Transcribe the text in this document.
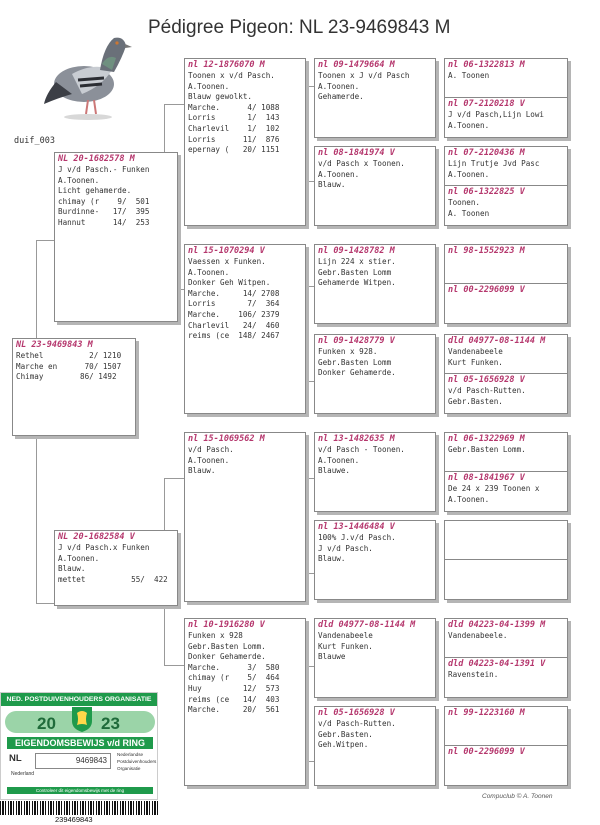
Pédigree Pigeon: NL 23-9469843 M
duif_003
NL 23-9469843 M
Rethel          2/ 1210
Marche en      70/ 1507
Chimay        86/ 1492
NL 20-1682578 M
J v/d Pasch.- Funken
A.Toonen.
Licht gehamerde.
chimay (r    9/  501
Burdinne-   17/  395
Hannut      14/  253
NL 20-1682584 V
J v/d Pasch.x Funken
A.Toonen.
Blauw.
mettet          55/  422
nl 12-1876070 M
Toonen x v/d Pasch.
A.Toonen.
Blauw gewolkt.
Marche.      4/ 1088
Lorris       1/  143
Charlevil    1/  102
Lorris      11/  876
epernay (   20/ 1151
nl 15-1070294 V
Vaessen x Funken.
A.Toonen.
Donker Geh Witpen.
Marche.     14/ 2708
Lorris       7/  364
Marche.    106/ 2379
Charlevil   24/  460
reims (ce  148/ 2467
nl 15-1069562 M
v/d Pasch.
A.Toonen.
Blauw.
nl 10-1916280 V
Funken x 928
Gebr.Basten Lomm.
Donker Gehamerde.
Marche.      3/  580
chimay (r    5/  464
Huy         12/  573
reims (ce   14/  403
Marche.     20/  561
nl 09-1479664 M
Toonen x J v/d Pasch
A.Toonen.
Gehamerde.
nl 08-1841974 V
v/d Pasch x Toonen.
A.Toonen.
Blauw.
nl 09-1428782 M
Lijn 224 x stier.
Gebr.Basten Lomm
Gehamerde Witpen.
nl 09-1428779 V
Funken x 928.
Gebr.Basten Lomm
Donker Gehamerde.
nl 13-1482635 M
v/d Pasch - Toonen.
A.Toonen.
Blauwe.
nl 13-1446484 V
100% J.v/d Pasch.
J v/d Pasch.
Blauw.
dld 04977-08-1144 M
Vandenabeele
Kurt Funken.
Blauwe
nl 05-1656928 V
v/d Pasch-Rutten.
Gebr.Basten.
Geh.Witpen.
nl 06-1322813 M
A. Toonen
nl 07-2120218 V
J v/d Pasch,Lijn Lowi
A.Toonen.
nl 07-2120436 M
Lijn Trutje Jvd Pasc
A.Toonen.
nl 06-1322825 V
Toonen.
A. Toonen
nl 98-1552923 M
nl 00-2296099 V
dld 04977-08-1144 M
Vandenabeele
Kurt Funken.
nl 05-1656928 V
v/d Pasch-Rutten.
Gebr.Basten.
nl 06-1322969 M
Gebr.Basten Lomm.
nl 08-1841967 V
De 24 x 239 Toonen x
A.Toonen.
dld 04223-04-1399 M
Vandenabeele.
dld 04223-04-1391 V
Ravenstein.
nl 99-1223160 M
nl 00-2296099 V
Compuclub © A. Toonen
NED. POSTDUIVENHOUDERS ORGANISATIE
20	23
EIGENDOMSBEWIJS v/d RING
NL	9469843
Nederlandse
Postduivenhouders
Organisatie
Nederland
Controleer dit eigendomsbewijs met de ring
239469843
